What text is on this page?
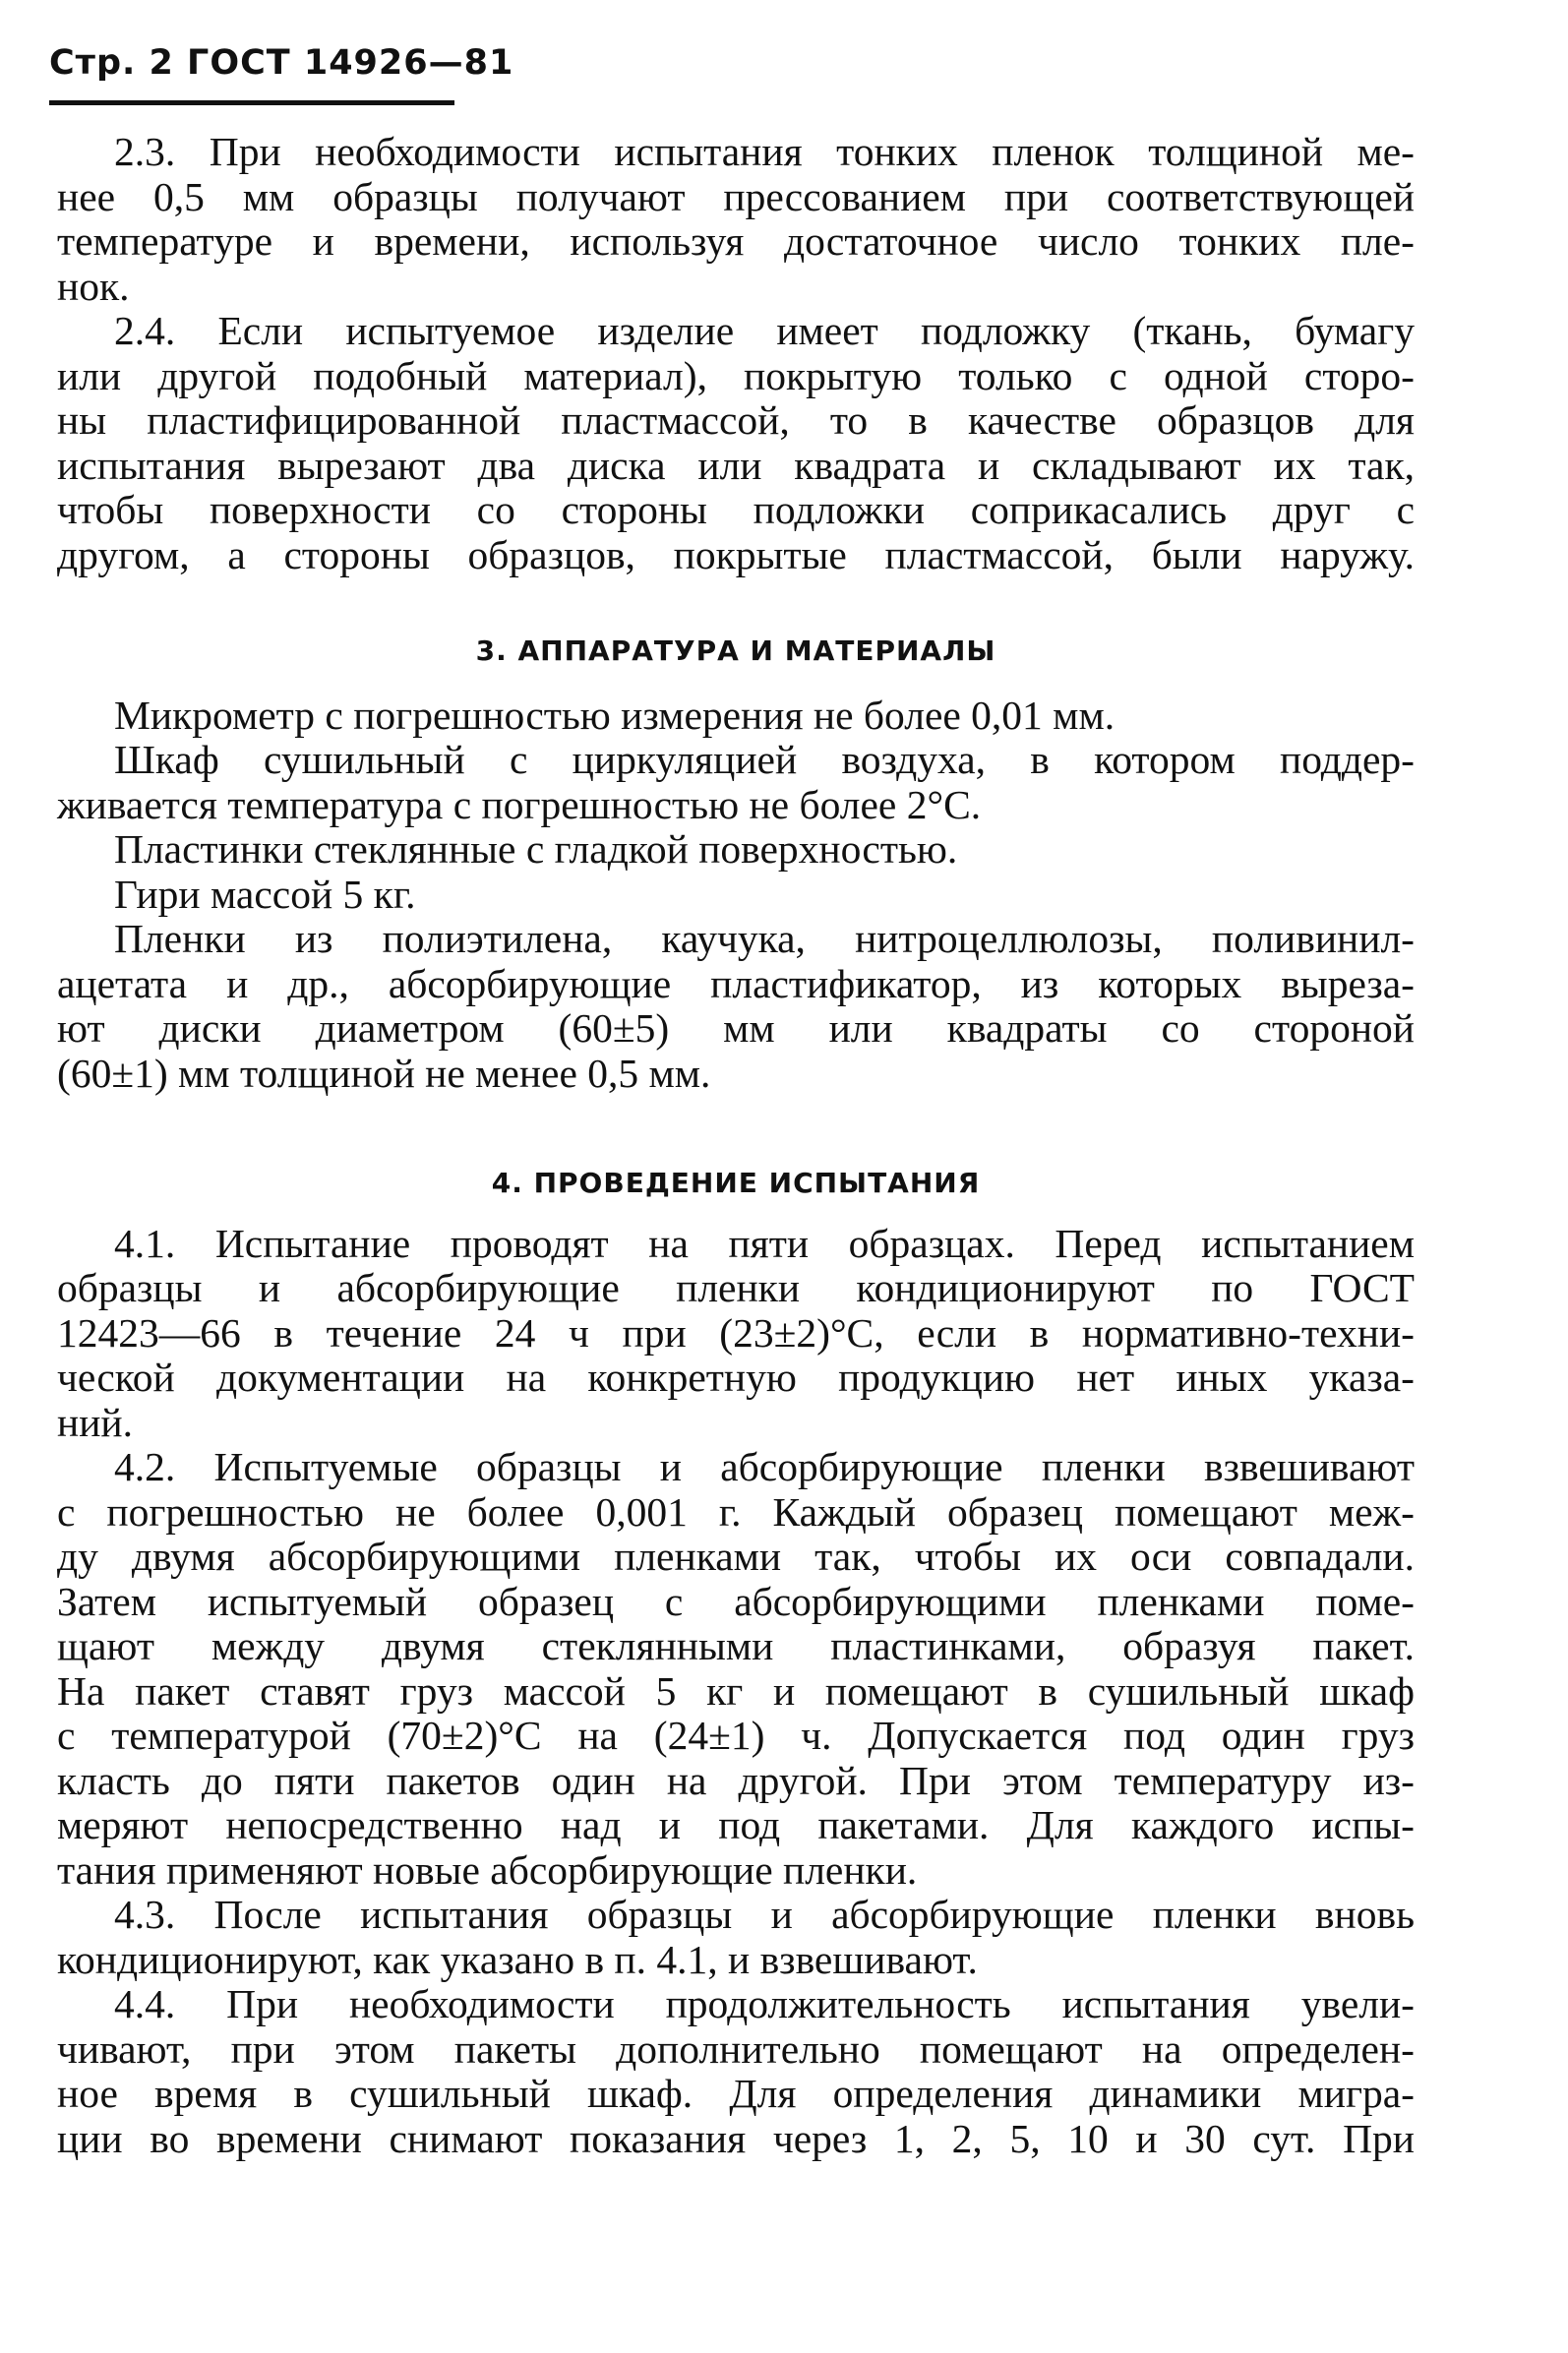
Стр. 2 ГОСТ 14926—81
2.3. При необходимости испытания тонких пленок толщиной ме-
нее 0,5 мм образцы получают прессованием при соответствующей
температуре и времени, используя достаточное число тонких пле-
нок.
2.4. Если испытуемое изделие имеет подложку (ткань, бумагу
или другой подобный материал), покрытую только с одной сторо-
ны пластифицированной пластмассой, то в качестве образцов для
испытания вырезают два диска или квадрата и складывают их так,
чтобы поверхности со стороны подложки соприкасались друг с
другом, а стороны образцов, покрытые пластмассой, были наружу.
3. АППАРАТУРА И МАТЕРИАЛЫ
Микрометр с погрешностью измерения не более 0,01 мм.
Шкаф сушильный с циркуляцией воздуха, в котором поддер-
живается температура с погрешностью не более 2°С.
Пластинки стеклянные с гладкой поверхностью.
Гири массой 5 кг.
Пленки из полиэтилена, каучука, нитроцеллюлозы, поливинил-
ацетата и др., абсорбирующие пластификатор, из которых выреза-
ют диски диаметром (60±5) мм или квадраты со стороной
(60±1) мм толщиной не менее 0,5 мм.
4. ПРОВЕДЕНИЕ ИСПЫТАНИЯ
4.1. Испытание проводят на пяти образцах. Перед испытанием
образцы и абсорбирующие пленки кондиционируют по ГОСТ
12423—66 в течение 24 ч при (23±2)°С, если в нормативно-техни-
ческой документации на конкретную продукцию нет иных указа-
ний.
4.2. Испытуемые образцы и абсорбирующие пленки взвешивают
с погрешностью не более 0,001 г. Каждый образец помещают меж-
ду двумя абсорбирующими пленками так, чтобы их оси совпадали.
Затем испытуемый образец с абсорбирующими пленками поме-
щают между двумя стеклянными пластинками, образуя пакет.
На пакет ставят груз массой 5 кг и помещают в сушильный шкаф
с температурой (70±2)°С на (24±1) ч. Допускается под один груз
класть до пяти пакетов один на другой. При этом температуру из-
меряют непосредственно над и под пакетами. Для каждого испы-
тания применяют новые абсорбирующие пленки.
4.3. После испытания образцы и абсорбирующие пленки вновь
кондиционируют, как указано в п. 4.1, и взвешивают.
4.4. При необходимости продолжительность испытания увели-
чивают, при этом пакеты дополнительно помещают на определен-
ное время в сушильный шкаф. Для определения динамики мигра-
ции во времени снимают показания через 1, 2, 5, 10 и 30 сут. При
